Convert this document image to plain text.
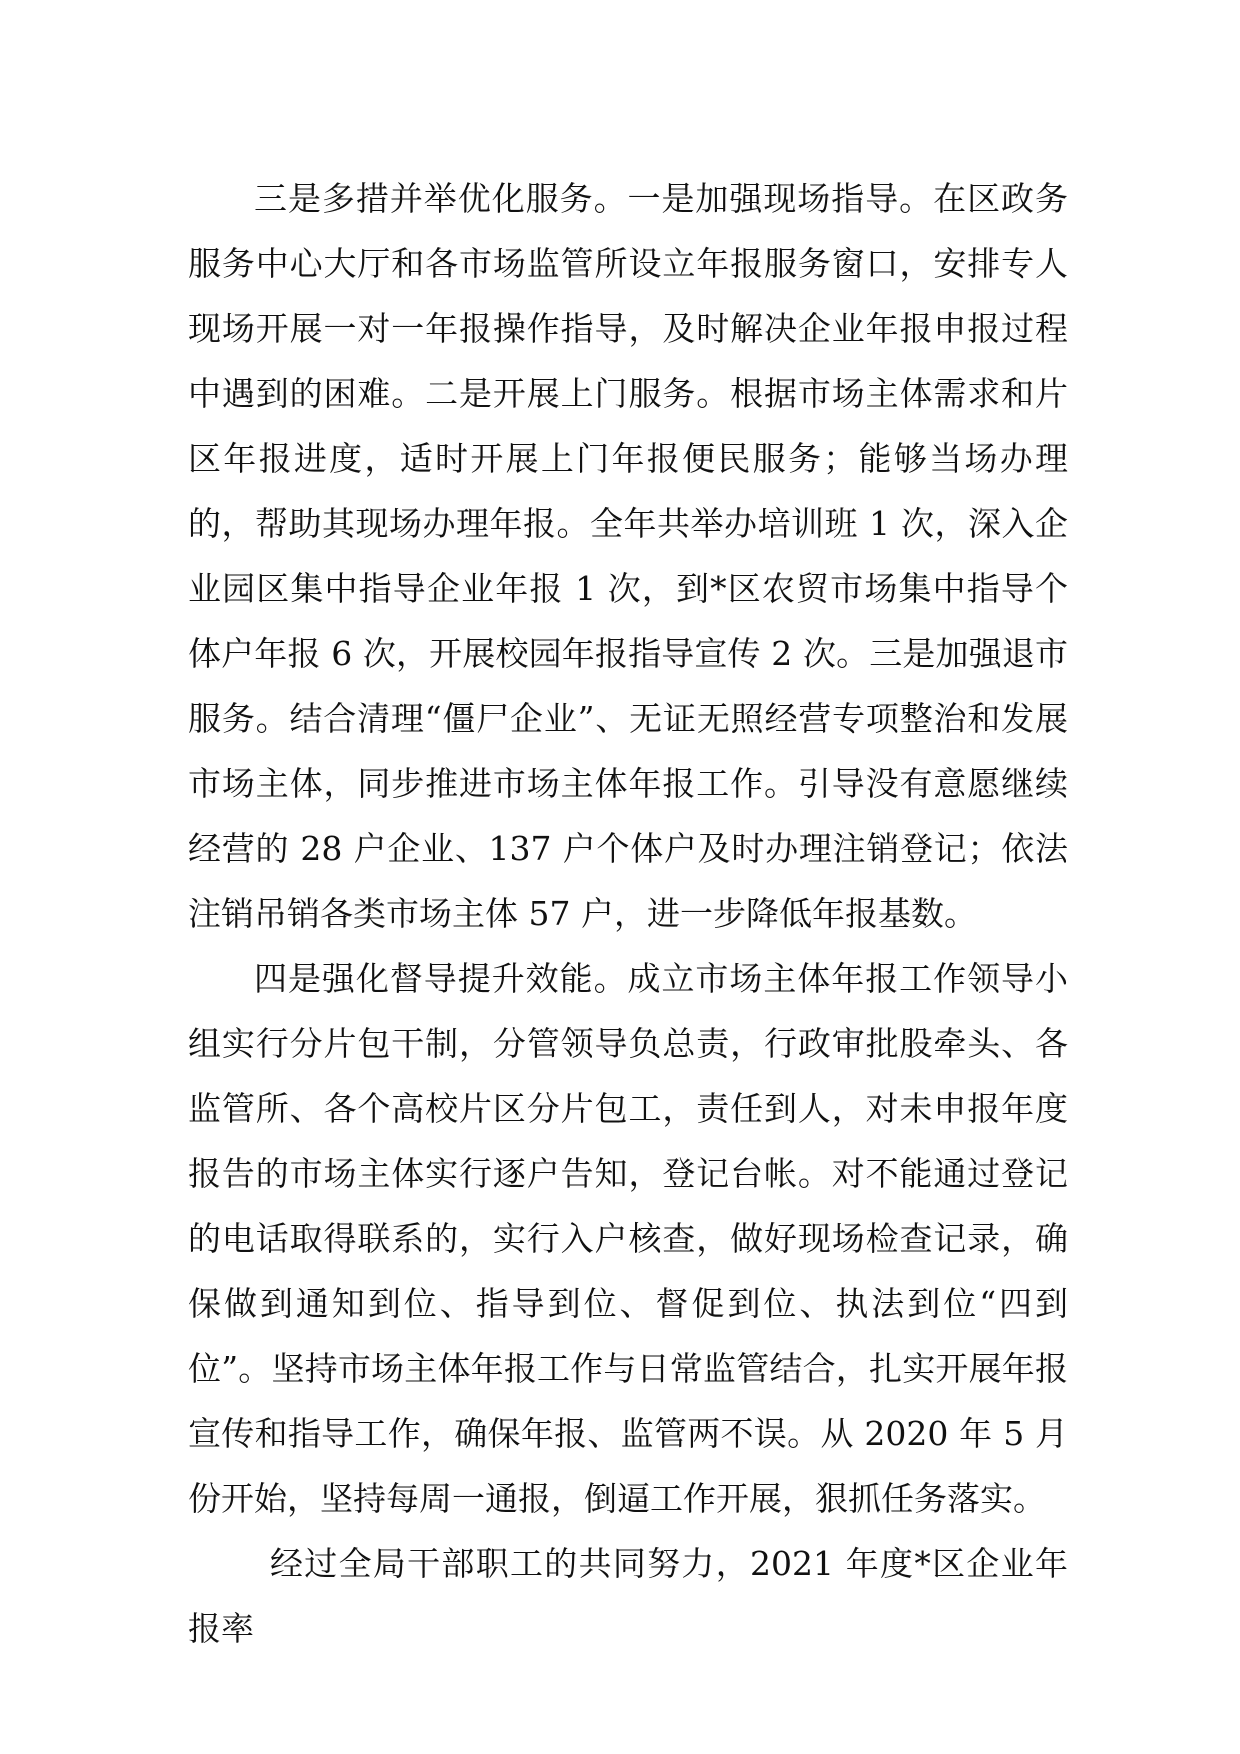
三是多措并举优化服务。一是加强现场指导。在区政务服务中心大厅和各市场监管所设立年报服务窗口，安排专人现场开展一对一年报操作指导，及时解决企业年报申报过程中遇到的困难。二是开展上门服务。根据市场主体需求和片区年报进度，适时开展上门年报便民服务；能够当场办理的，帮助其现场办理年报。全年共举办培训班 1 次，深入企业园区集中指导企业年报 1 次，到*区农贸市场集中指导个体户年报 6 次，开展校园年报指导宣传 2 次。三是加强退市服务。结合清理“僵尸企业”、无证无照经营专项整治和发展市场主体，同步推进市场主体年报工作。引导没有意愿继续经营的 28 户企业、137 户个体户及时办理注销登记；依法注销吊销各类市场主体 57 户，进一步降低年报基数。

四是强化督导提升效能。成立市场主体年报工作领导小组实行分片包干制，分管领导负总责，行政审批股牵头、各监管所、各个高校片区分片包工，责任到人，对未申报年度报告的市场主体实行逐户告知，登记台帐。对不能通过登记的电话取得联系的，实行入户核查，做好现场检查记录，确保做到通知到位、指导到位、督促到位、执法到位“四到位”。坚持市场主体年报工作与日常监管结合，扎实开展年报宣传和指导工作，确保年报、监管两不误。从 2020 年 5 月份开始，坚持每周一通报，倒逼工作开展，狠抓任务落实。

经过全局干部职工的共同努力，2021 年度*区企业年报率
